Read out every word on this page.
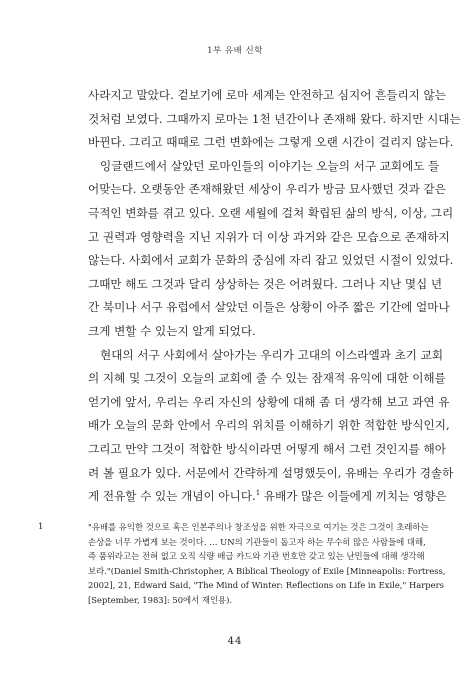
1부 유배 신학
사라지고 말았다. 겉보기에 로마 세계는 안전하고 심지어 흔들리지 않는
것처럼 보였다. 그때까지 로마는 1천 년간이나 존재해 왔다. 하지만 시대는
바뀐다. 그리고 때때로 그런 변화에는 그렇게 오랜 시간이 걸리지 않는다.
잉글랜드에서 살았던 로마인들의 이야기는 오늘의 서구 교회에도 들
어맞는다. 오랫동안 존재해왔던 세상이 우리가 방금 묘사했던 것과 같은
극적인 변화를 겪고 있다. 오랜 세월에 걸쳐 확립된 삶의 방식, 이상, 그리
고 권력과 영향력을 지닌 지위가 더 이상 과거와 같은 모습으로 존재하지
않는다. 사회에서 교회가 문화의 중심에 자리 잡고 있었던 시절이 있었다.
그때만 해도 그것과 달리 상상하는 것은 어려웠다. 그러나 지난 몇십 년
간 북미나 서구 유럽에서 살았던 이들은 상황이 아주 짧은 기간에 얼마나
크게 변할 수 있는지 알게 되었다.
현대의 서구 사회에서 살아가는 우리가 고대의 이스라엘과 초기 교회
의 지혜 및 그것이 오늘의 교회에 줄 수 있는 잠재적 유익에 대한 이해를
얻기에 앞서, 우리는 우리 자신의 상황에 대해 좀 더 생각해 보고 과연 유
배가 오늘의 문화 안에서 우리의 위치를 이해하기 위한 적합한 방식인지,
그리고 만약 그것이 적합한 방식이라면 어떻게 해서 그런 것인지를 해아
려 볼 필요가 있다. 서문에서 간략하게 설명했듯이, 유배는 우리가 경솔하
게 전유할 수 있는 개념이 아니다.$^1$ 유배가 많은 이들에게 끼치는 영향은
1	"유배를 유익한 것으로 혹은 인본주의나 창조성을 위한 자극으로 여기는 것은 그것이 초래하는
손상을 너무 가볍게 보는 것이다. … UN의 기관들이 돕고자 하는 무수히 많은 사람들에 대해,
즉 품위라고는 전혀 없고 오직 식량 배급 카드와 기관 번호만 갖고 있는 난민들에 대해 생각해
보라."(Daniel Smith-Christopher, A Biblical Theology of Exile [Minneapolis: Fortress,
2002], 21, Edward Said, "The Mind of Winter: Reflections on Life in Exile," Harpers
[September, 1983]: 50에서 재인용).
44
